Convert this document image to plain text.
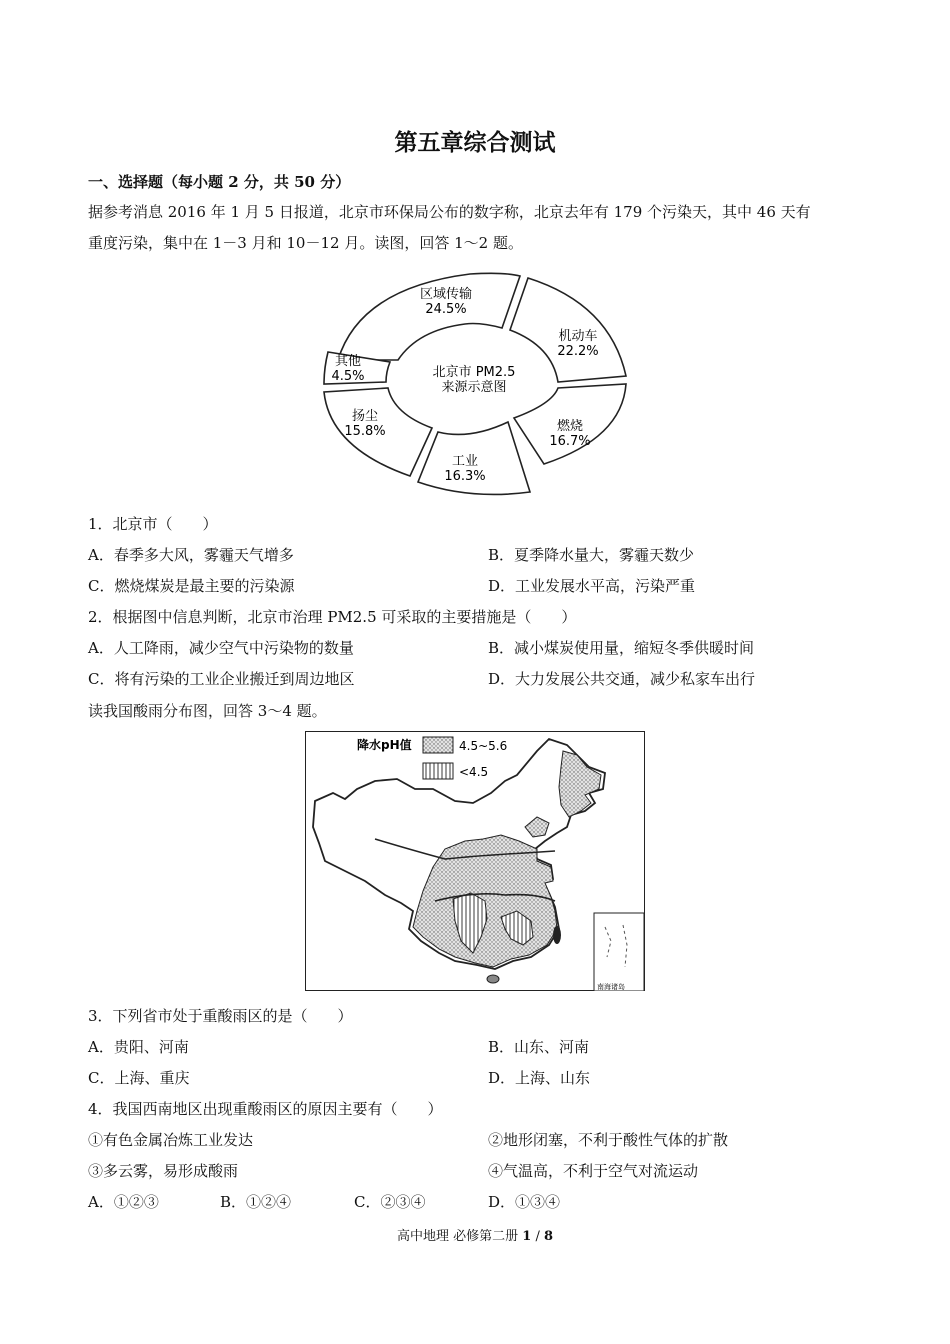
第五章综合测试
一、选择题（每小题 2 分，共 50 分）
据参考消息 2016 年 1 月 5 日报道，北京市环保局公布的数字称，北京去年有 179 个污染天，其中 46 天有
重度污染，集中在 1－3 月和 10－12 月。读图，回答 1～2 题。
区域传输
24.5%
机动车
22.2%
燃烧
16.7%
工业
16.3%
扬尘
15.8%
其他
4.5%	北京市 PM2.5
来源示意图
1．北京市（　　）
A．春季多大风，雾霾天气增多	B．夏季降水量大，雾霾天数少
C．燃烧煤炭是最主要的污染源	D．工业发展水平高，污染严重
2．根据图中信息判断，北京市治理 PM2.5 可采取的主要措施是（　　）
A．人工降雨，减少空气中污染物的数量	B．减小煤炭使用量，缩短冬季供暖时间
C．将有污染的工业企业搬迁到周边地区	D．大力发展公共交通，减少私家车出行
读我国酸雨分布图，回答 3～4 题。
降水pH值	4.5~5.6
<4.5
南海诸岛
3．下列省市处于重酸雨区的是（　　）
A．贵阳、河南	B．山东、河南
C．上海、重庆	D．上海、山东
4．我国西南地区出现重酸雨区的原因主要有（　　）
①有色金属冶炼工业发达	②地形闭塞，不利于酸性气体的扩散
③多云雾，易形成酸雨	④气温高，不利于空气对流运动
A．①②③	B．①②④	C．②③④	D．①③④
高中地理 必修第二册 1 / 8
